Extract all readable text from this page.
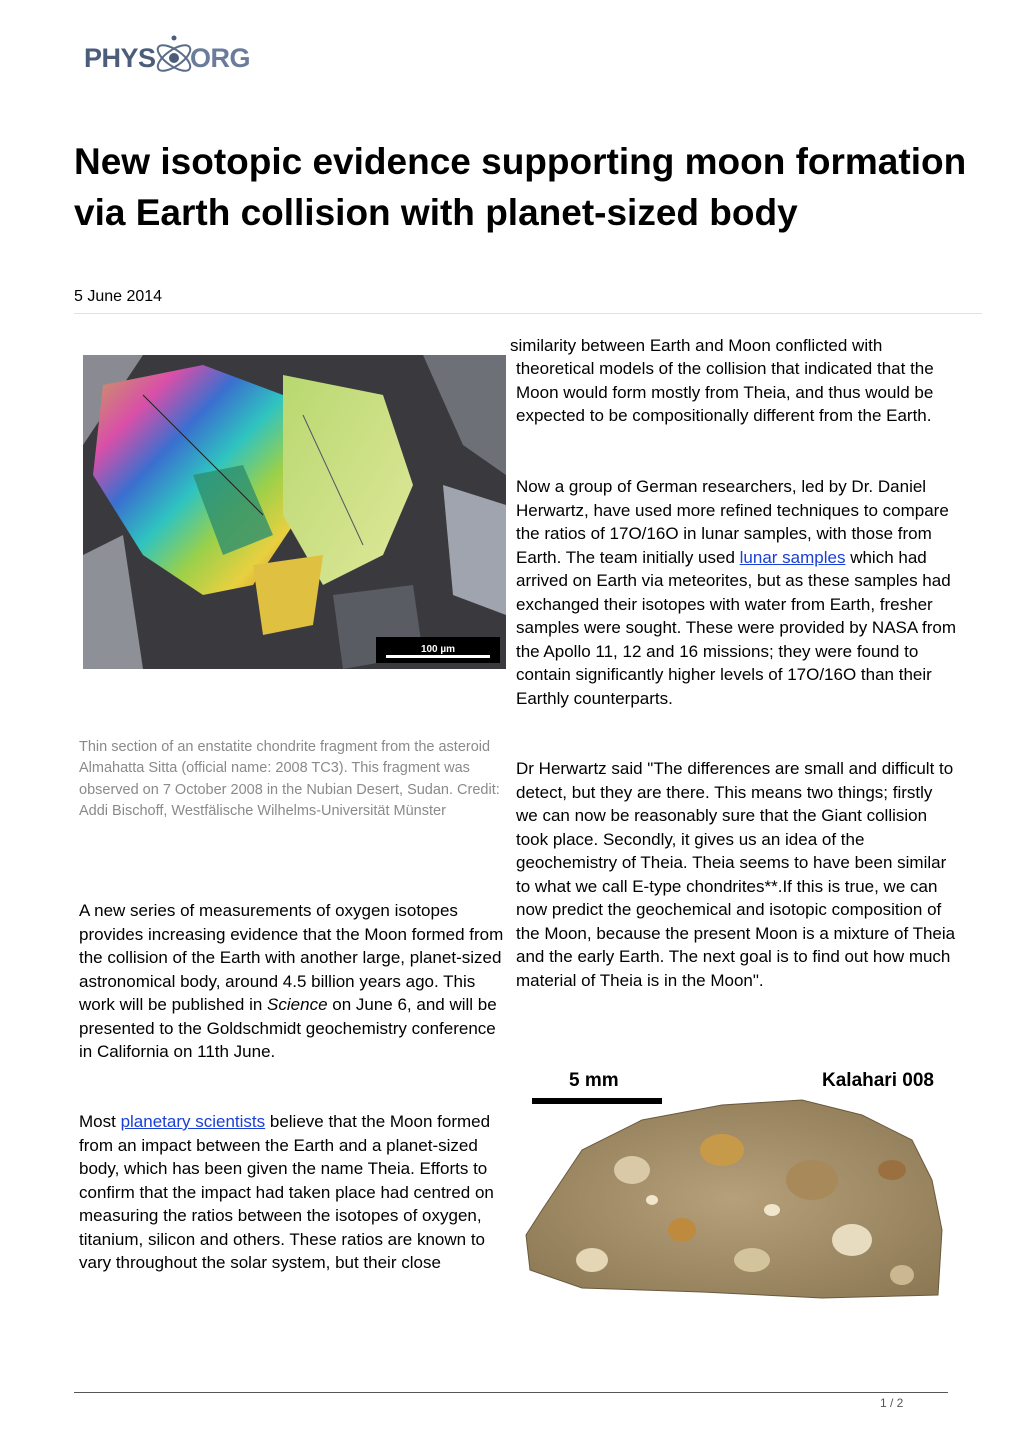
PHYS ORG
New isotopic evidence supporting moon formation via Earth collision with planet-sized body
5 June 2014
100 µm

Thin section of an enstatite chondrite fragment from the asteroid Almahatta Sitta (official name: 2008 TC3). This fragment was observed on 7 October 2008 in the Nubian Desert, Sudan. Credit: Addi Bischoff, Westfälische Wilhelms-Universität Münster

A new series of measurements of oxygen isotopes provides increasing evidence that the Moon formed from the collision of the Earth with another large, planet-sized astronomical body, around 4.5 billion years ago. This work will be published in Science on June 6, and will be presented to the Goldschmidt geochemistry conference in California on 11th June.

Most planetary scientists believe that the Moon formed from an impact between the Earth and a planet-sized body, which has been given the name Theia. Efforts to confirm that the impact had taken place had centred on measuring the ratios between the isotopes of oxygen, titanium, silicon and others. These ratios are known to vary throughout the solar system, but their close

similarity between Earth and Moon conflicted with

theoretical models of the collision that indicated that the Moon would form mostly from Theia, and thus would be expected to be compositionally different from the Earth.

Now a group of German researchers, led by Dr. Daniel Herwartz, have used more refined techniques to compare the ratios of 17O/16O in lunar samples, with those from Earth. The team initially used lunar samples which had arrived on Earth via meteorites, but as these samples had exchanged their isotopes with water from Earth, fresher samples were sought. These were provided by NASA from the Apollo 11, 12 and 16 missions; they were found to contain significantly higher levels of 17O/16O than their Earthly counterparts.

Dr Herwartz said "The differences are small and difficult to detect, but they are there. This means two things; firstly we can now be reasonably sure that the Giant collision took place. Secondly, it gives us an idea of the geochemistry of Theia. Theia seems to have been similar to what we call E-type chondrites**.If this is true, we can now predict the geochemical and isotopic composition of the Moon, because the present Moon is a mixture of Theia and the early Earth. The next goal is to find out how much material of Theia is in the Moon".

5 mm	Kalahari 008
1 / 2
